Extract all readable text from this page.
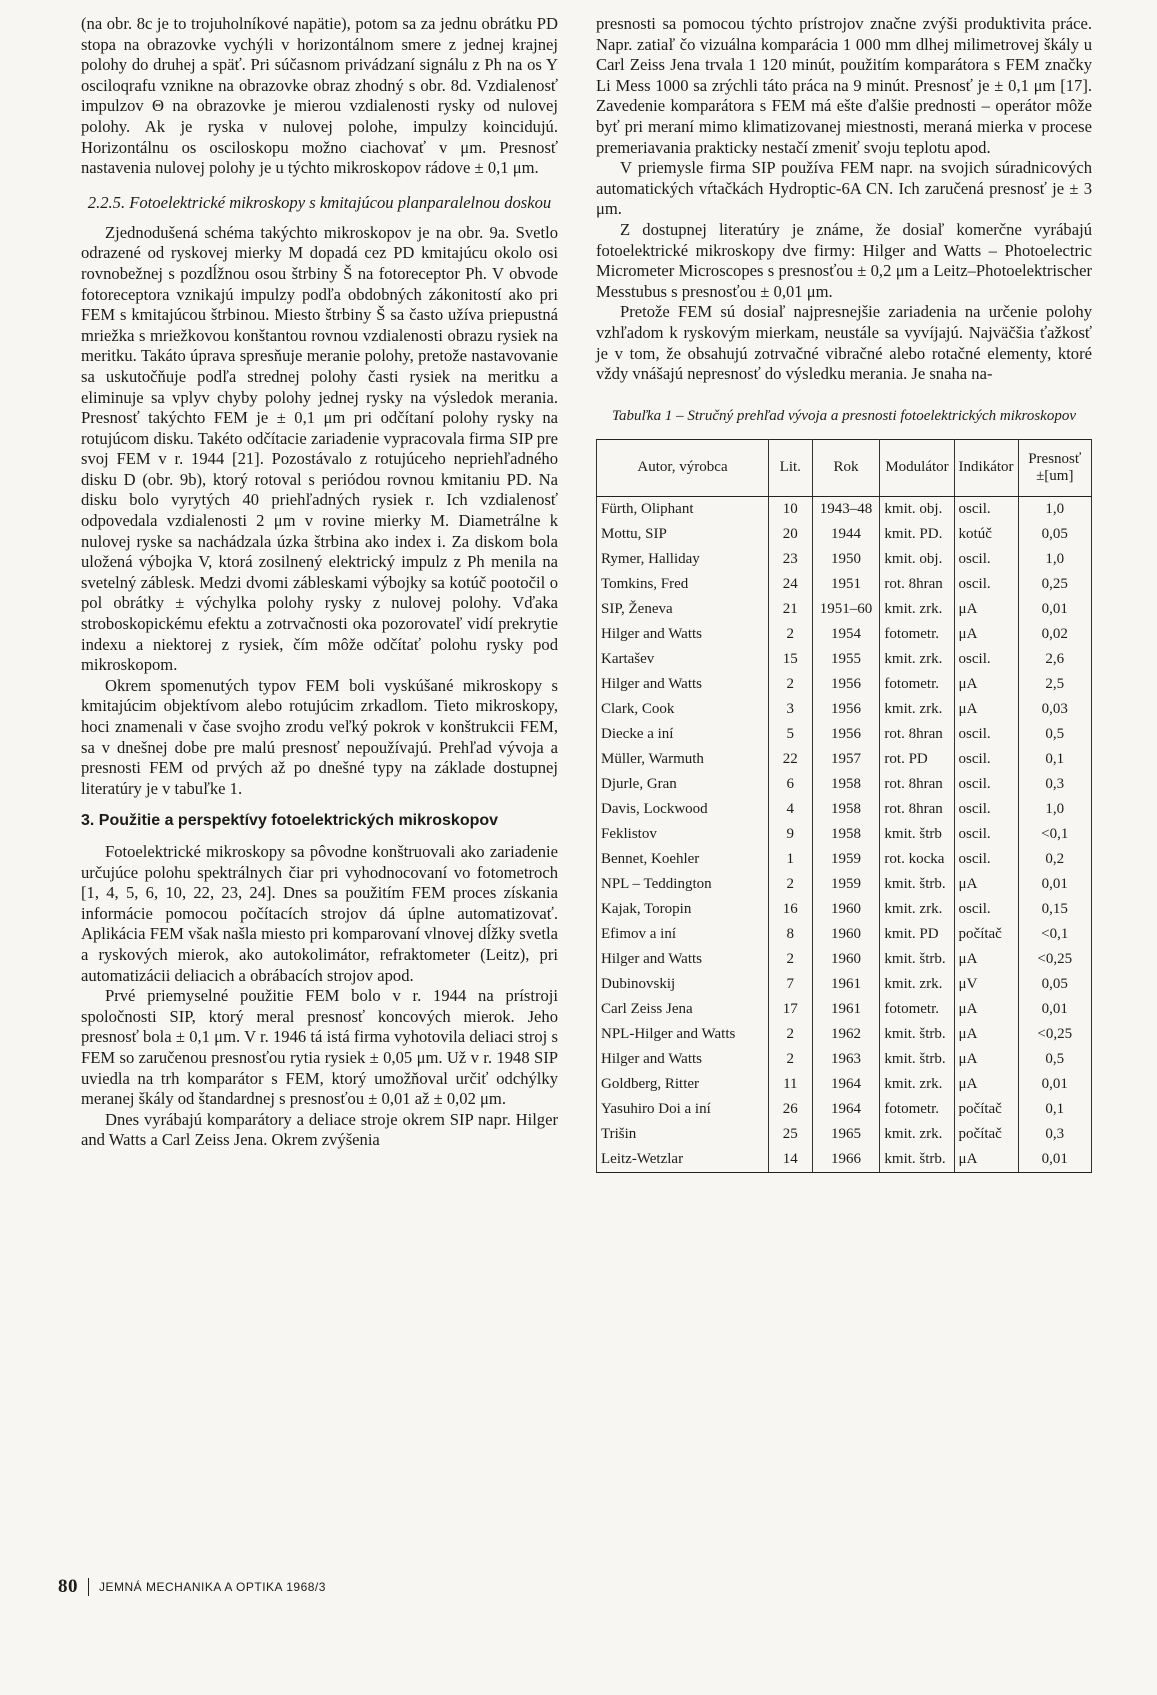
(na obr. 8c je to trojuholníkové napätie), potom sa za jednu obrátku PD stopa na obrazovke vychýli v horizontálnom smere z jednej krajnej polohy do druhej a späť. Pri súčasnom privádzaní signálu z Ph na os Y osciloqrafu vznikne na obrazovke obraz zhodný s obr. 8d. Vzdialenosť impulzov Θ na obrazovke je mierou vzdialenosti rysky od nulovej polohy. Ak je ryska v nulovej polohe, impulzy koincidujú. Horizontálnu os osciloskopu možno ciachovať v μm. Presnosť nastavenia nulovej polohy je u týchto mikroskopov rádove ± 0,1 μm.

2.2.5. Fotoelektrické mikroskopy s kmitajúcou planparalelnou doskou

Zjednodušená schéma takýchto mikroskopov je na obr. 9a. Svetlo odrazené od ryskovej mierky M dopadá cez PD kmitajúcu okolo osi rovnobežnej s pozdĺžnou osou štrbiny Š na fotoreceptor Ph. V obvode fotoreceptora vznikajú impulzy podľa obdobných zákonitostí ako pri FEM s kmitajúcou štrbinou. Miesto štrbiny Š sa často užíva priepustná mriežka s mriežkovou konštantou rovnou vzdialenosti obrazu rysiek na meritku. Takáto úprava spresňuje meranie polohy, pretože nastavovanie sa uskutočňuje podľa strednej polohy časti rysiek na meritku a eliminuje sa vplyv chyby polohy jednej rysky na výsledok merania. Presnosť takýchto FEM je ± 0,1 μm pri odčítaní polohy rysky na rotujúcom disku. Takéto odčítacie zariadenie vypracovala firma SIP pre svoj FEM v r. 1944 [21]. Pozostávalo z rotujúceho nepriehľadného disku D (obr. 9b), ktorý rotoval s periódou rovnou kmitaniu PD. Na disku bolo vyrytých 40 priehľadných rysiek r. Ich vzdialenosť odpovedala vzdialenosti 2 μm v rovine mierky M. Diametrálne k nulovej ryske sa nachádzala úzka štrbina ako index i. Za diskom bola uložená výbojka V, ktorá zosilnený elektrický impulz z Ph menila na svetelný záblesk. Medzi dvomi zábleskami výbojky sa kotúč pootočil o pol obrátky ± výchylka polohy rysky z nulovej polohy. Vďaka stroboskopickému efektu a zotrvačnosti oka pozorovateľ vidí prekrytie indexu a niektorej z rysiek, čím môže odčítať polohu rysky pod mikroskopom.

Okrem spomenutých typov FEM boli vyskúšané mikroskopy s kmitajúcim objektívom alebo rotujúcim zrkadlom. Tieto mikroskopy, hoci znamenali v čase svojho zrodu veľký pokrok v konštrukcii FEM, sa v dnešnej dobe pre malú presnosť nepoužívajú. Prehľad vývoja a presnosti FEM od prvých až po dnešné typy na základe dostupnej literatúry je v tabuľke 1.

3. Použitie a perspektívy fotoelektrických mikroskopov

Fotoelektrické mikroskopy sa pôvodne konštruovali ako zariadenie určujúce polohu spektrálnych čiar pri vyhodnocovaní vo fotometroch [1, 4, 5, 6, 10, 22, 23, 24]. Dnes sa použitím FEM proces získania informácie pomocou počítacích strojov dá úplne automatizovať. Aplikácia FEM však našla miesto pri komparovaní vlnovej dĺžky svetla a ryskových mierok, ako autokolimátor, refraktometer (Leitz), pri automatizácii deliacich a obrábacích strojov apod.

Prvé priemyselné použitie FEM bolo v r. 1944 na prístroji spoločnosti SIP, ktorý meral presnosť koncových mierok. Jeho presnosť bola ± 0,1 μm. V r. 1946 tá istá firma vyhotovila deliaci stroj s FEM so zaručenou presnosťou rytia rysiek ± 0,05 μm. Už v r. 1948 SIP uviedla na trh komparátor s FEM, ktorý umožňoval určiť odchýlky meranej škály od štandardnej s presnosťou ± 0,01 až ± 0,02 μm.

Dnes vyrábajú komparátory a deliace stroje okrem SIP napr. Hilger and Watts a Carl Zeiss Jena. Okrem zvýšenia

presnosti sa pomocou týchto prístrojov značne zvýši produktivita práce. Napr. zatiaľ čo vizuálna komparácia 1 000 mm dlhej milimetrovej škály u Carl Zeiss Jena trvala 1 120 minút, použitím komparátora s FEM značky Li Mess 1000 sa zrýchli táto práca na 9 minút. Presnosť je ± 0,1 μm [17]. Zavedenie komparátora s FEM má ešte ďalšie prednosti – operátor môže byť pri meraní mimo klimatizovanej miestnosti, meraná mierka v procese premeriavania prakticky nestačí zmeniť svoju teplotu apod.

V priemysle firma SIP používa FEM napr. na svojich súradnicových automatických vŕtačkách Hydroptic-6A CN. Ich zaručená presnosť je ± 3 μm.

Z dostupnej literatúry je známe, že dosiaľ komerčne vyrábajú fotoelektrické mikroskopy dve firmy: Hilger and Watts – Photoelectric Micrometer Microscopes s presnosťou ± 0,2 μm a Leitz–Photoelektrischer Messtubus s presnosťou ± 0,01 μm.

Pretože FEM sú dosiaľ najpresnejšie zariadenia na určenie polohy vzhľadom k ryskovým mierkam, neustále sa vyvíjajú. Najväčšia ťažkosť je v tom, že obsahujú zotrvačné vibračné alebo rotačné elementy, ktoré vždy vnášajú nepresnosť do výsledku merania. Je snaha na-

Tabuľka 1 – Stručný prehľad vývoja a presnosti fotoelektrických mikroskopov
Autor, výrobca	Lit.	Rok	Modulátor	Indikátor	Presnosť ±[um]
Fürth, Oliphant	10	1943–48	kmit. obj.	oscil.	1,0
Mottu, SIP	20	1944	kmit. PD.	kotúč	0,05
Rymer, Halliday	23	1950	kmit. obj.	oscil.	1,0
Tomkins, Fred	24	1951	rot. 8hran	oscil.	0,25
SIP, Ženeva	21	1951–60	kmit. zrk.	μA	0,01
Hilger and Watts	2	1954	fotometr.	μA	0,02
Kartašev	15	1955	kmit. zrk.	oscil.	2,6
Hilger and Watts	2	1956	fotometr.	μA	2,5
Clark, Cook	3	1956	kmit. zrk.	μA	0,03
Diecke a iní	5	1956	rot. 8hran	oscil.	0,5
Müller, Warmuth	22	1957	rot. PD	oscil.	0,1
Djurle, Gran	6	1958	rot. 8hran	oscil.	0,3
Davis, Lockwood	4	1958	rot. 8hran	oscil.	1,0
Feklistov	9	1958	kmit. štrb	oscil.	<0,1
Bennet, Koehler	1	1959	rot. kocka	oscil.	0,2
NPL – Teddington	2	1959	kmit. štrb.	μA	0,01
Kajak, Toropin	16	1960	kmit. zrk.	oscil.	0,15
Efimov a iní	8	1960	kmit. PD	počítač	<0,1
Hilger and Watts	2	1960	kmit. štrb.	μA	<0,25
Dubinovskij	7	1961	kmit. zrk.	μV	0,05
Carl Zeiss Jena	17	1961	fotometr.	μA	0,01
NPL-Hilger and Watts	2	1962	kmit. štrb.	μA	<0,25
Hilger and Watts	2	1963	kmit. štrb.	μA	0,5
Goldberg, Ritter	11	1964	kmit. zrk.	μA	0,01
Yasuhiro Doi a iní	26	1964	fotometr.	počítač	0,1
Trišin	25	1965	kmit. zrk.	počítač	0,3
Leitz-Wetzlar	14	1966	kmit. štrb.	μA	0,01
80 JEMNÁ MECHANIKA A OPTIKA 1968/3
